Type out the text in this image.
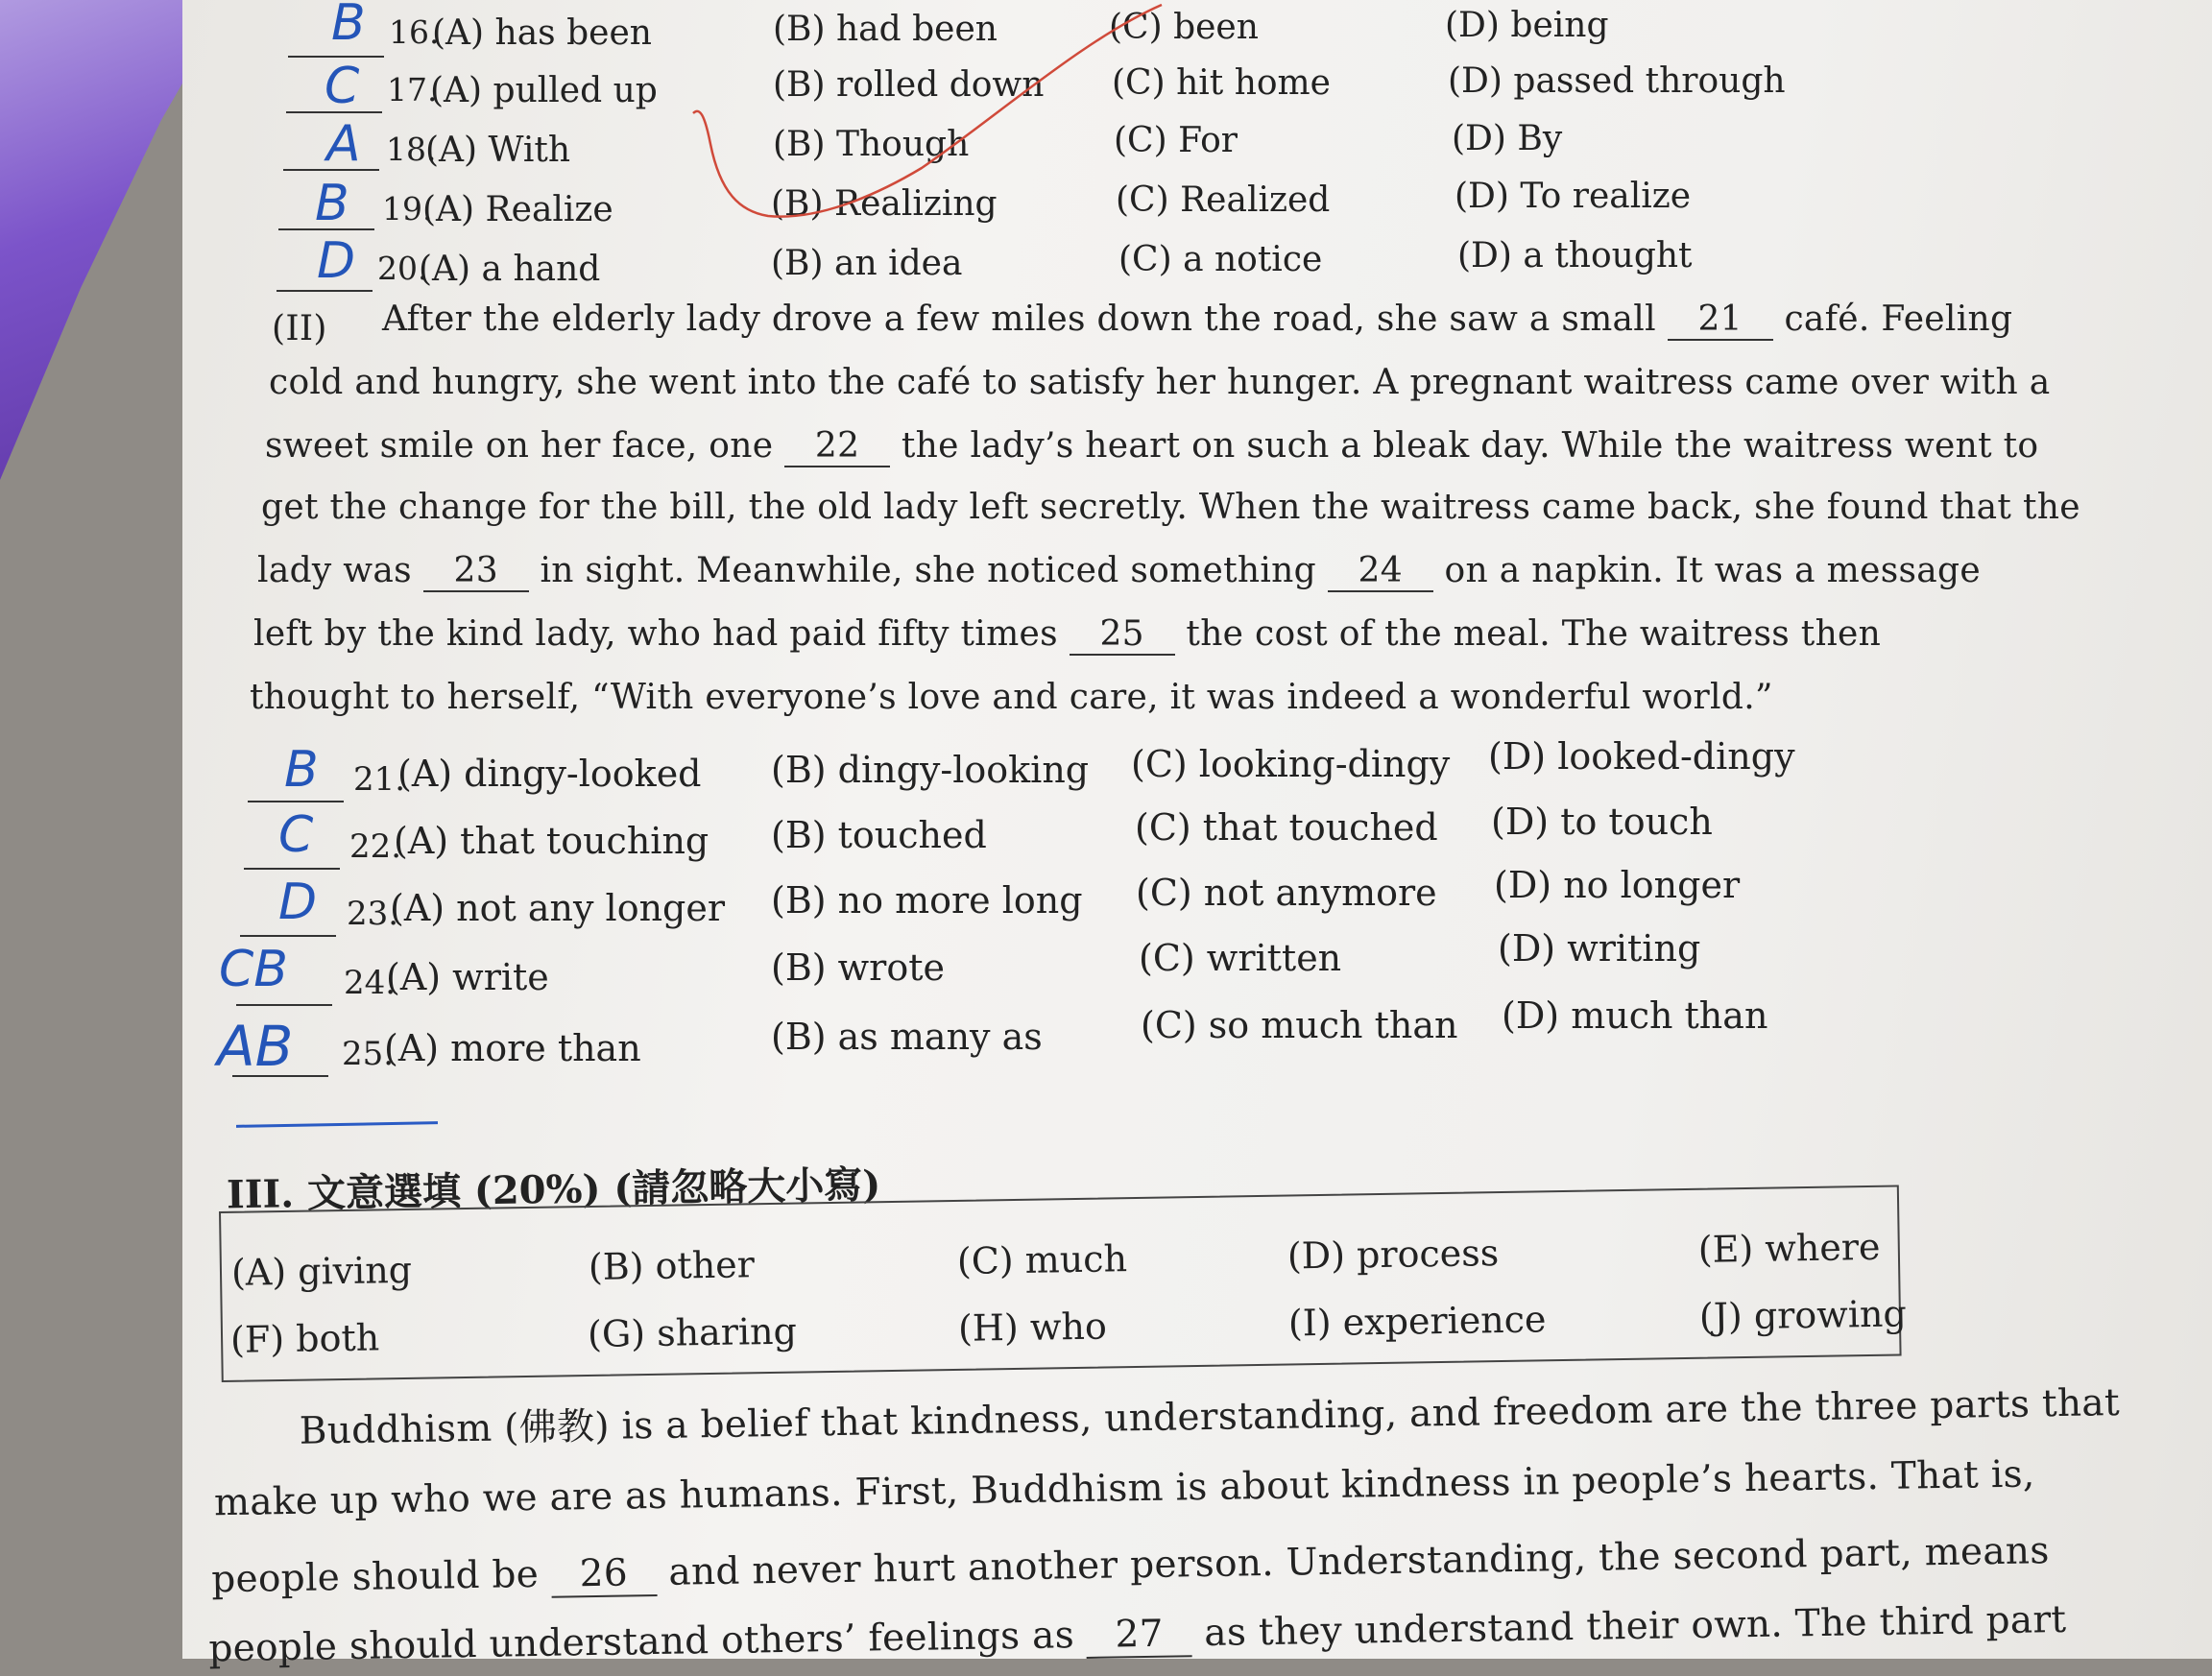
B 16.
(A) has been	(B) had been	(C) been	(D) being
C 17.
(A) pulled up	(B) rolled down (C) hit home	(D) passed through
A 18.
(A) With	(B) Though	(C) For	(D) By
B 19.
(A) Realize	(B) Realizing	(C) Realized	(D) To realize
D 20.
(A) a hand	(B) an idea	(C) a notice	(D) a thought
(II) After the elderly lady drove a few miles down the road, she saw a small 21 café. Feeling
cold and hungry, she went into the café to satisfy her hunger. A pregnant waitress came over with a
sweet smile on her face, one 22 the lady’s heart on such a bleak day. While the waitress went to
get the change for the bill, the old lady left secretly. When the waitress came back, she found that the
lady was 23 in sight. Meanwhile, she noticed something 24 on a napkin. It was a message
left by the kind lady, who had paid fifty times 25 the cost of the meal. The waitress then
thought to herself, “With everyone’s love and care, it was indeed a wonderful world.”
B 21.
(A) dingy-looked (B) dingy-looking (C) looking-dingy (D) looked-dingy
C 22.
(A) that touching (B) touched	(C) that touched (D) to touch
D 23.
(A) not any longer (B) no more long (C) not anymore (D) no longer
CB 24.
(A) write	(B) wrote	(C) written	(D) writing
AB 25.
(A) more than	(B) as many as	(C) so much than (D) much than
III. 文意選填 (20%) (請忽略大小寫)
(A) giving	(B) other	(C) much	(D) process	(E) where
(F) both	(G) sharing	(H) who	(I) experience	(J) growing
Buddhism (佛教) is a belief that kindness, understanding, and freedom are the three parts that
make up who we are as humans. First, Buddhism is about kindness in people’s hearts. That is,
people should be 26 and never hurt another person. Understanding, the second part, means
people should understand others’ feelings as 27 as they understand their own. The third part
